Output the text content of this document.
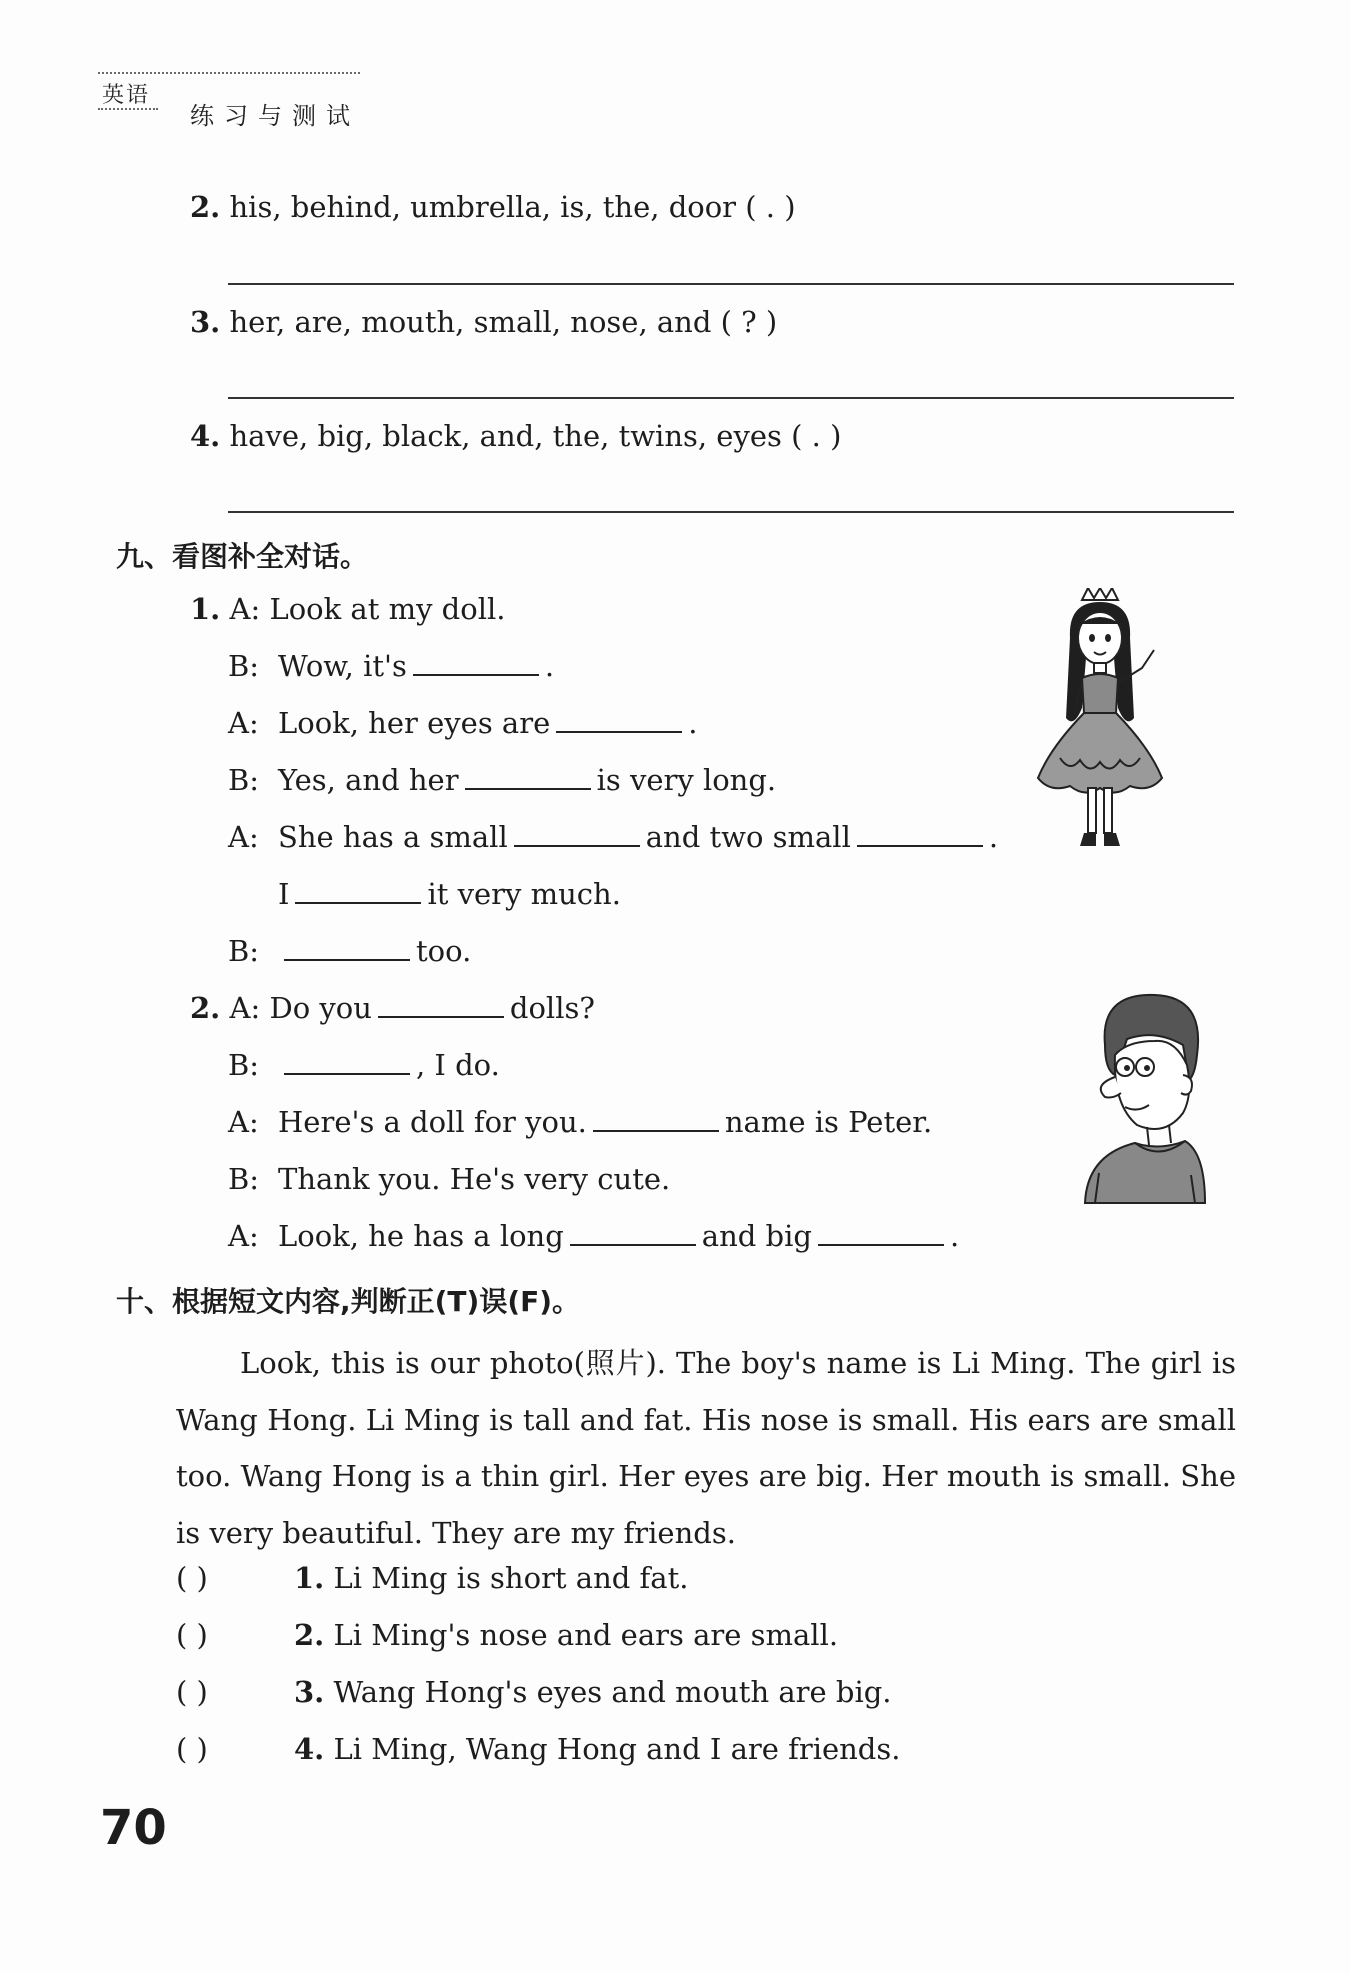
英语
练习与测试
2. his, behind, umbrella, is, the, door ( . )
3. her, are, mouth, small, nose, and ( ? )
4. have, big, black, and, the, twins, eyes ( . )
九、看图补全对话。
1. A: Look at my doll.
B: Wow, it's	.
A: Look, her eyes are	.
B: Yes, and her	is very long.
A: She has a small	and two small	.
I	it very much.
B:	too.
2. A: Do you	dolls?
B:	, I do.
A: Here's a doll for you.	name is Peter.
B: Thank you. He's very cute.
A: Look, he has a long	and big	.
十、根据短文内容,判断正(T)误(F)。
Look, this is our photo(照片). The boy's name is Li Ming. The girl is Wang Hong. Li Ming is tall and fat. His nose is small. His ears are small too. Wang Hong is a thin girl. Her eyes are big. Her mouth is small. She is very beautiful. They are my friends.
( )	1. Li Ming is short and fat.
( )	2. Li Ming's nose and ears are small.
( )	3. Wang Hong's eyes and mouth are big.
( )	4. Li Ming, Wang Hong and I are friends.
70
